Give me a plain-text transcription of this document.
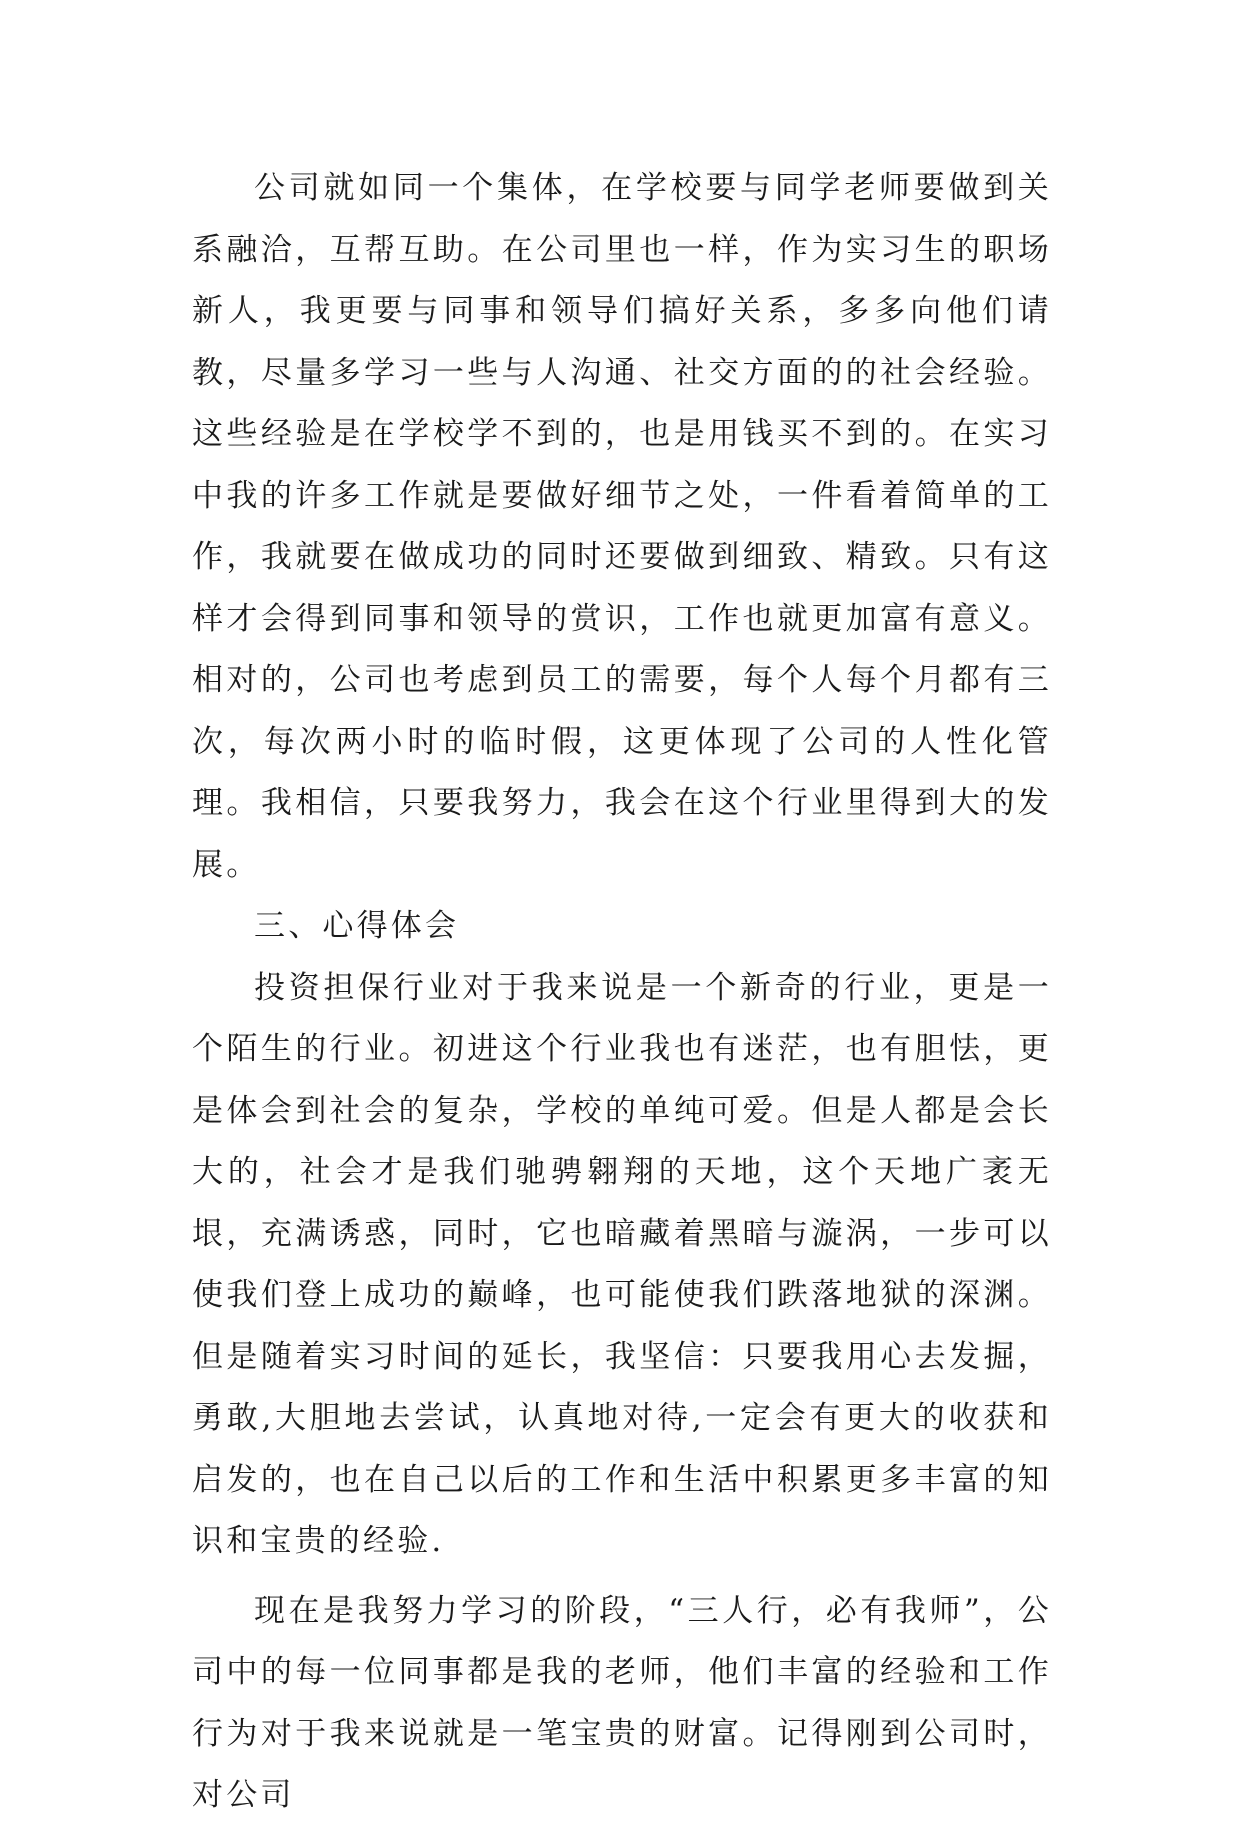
公司就如同一个集体，在学校要与同学老师要做到关系融洽，互帮互助。在公司里也一样，作为实习生的职场新人，我更要与同事和领导们搞好关系，多多向他们请教，尽量多学习一些与人沟通、社交方面的的社会经验。这些经验是在学校学不到的，也是用钱买不到的。在实习中我的许多工作就是要做好细节之处，一件看着简单的工作，我就要在做成功的同时还要做到细致、精致。只有这样才会得到同事和领导的赏识，工作也就更加富有意义。相对的，公司也考虑到员工的需要，每个人每个月都有三次，每次两小时的临时假，这更体现了公司的人性化管理。我相信，只要我努力，我会在这个行业里得到大的发展。

三、心得体会

投资担保行业对于我来说是一个新奇的行业，更是一个陌生的行业。初进这个行业我也有迷茫，也有胆怯，更是体会到社会的复杂，学校的单纯可爱。但是人都是会长大的，社会才是我们驰骋翱翔的天地，这个天地广袤无垠，充满诱惑，同时，它也暗藏着黑暗与漩涡，一步可以使我们登上成功的巅峰，也可能使我们跌落地狱的深渊。但是随着实习时间的延长，我坚信：只要我用心去发掘，勇敢,大胆地去尝试，认真地对待,一定会有更大的收获和启发的，也在自己以后的工作和生活中积累更多丰富的知识和宝贵的经验.

现在是我努力学习的阶段，“三人行，必有我师”，公司中的每一位同事都是我的老师，他们丰富的经验和工作行为对于我来说就是一笔宝贵的财富。记得刚到公司时，对公司
